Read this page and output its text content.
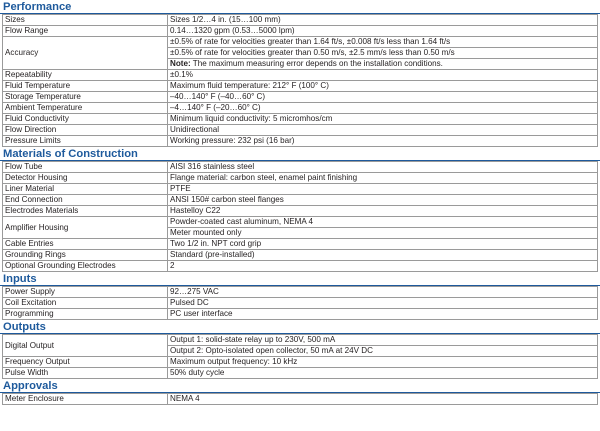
Performance
Sizes	Sizes 1/2…4 in. (15…100 mm)
Flow Range	0.14…1320 gpm (0.53…5000 lpm)
Accuracy	±0.5% of rate for velocities greater than 1.64 ft/s, ±0.008 ft/s less than 1.64 ft/s
	±0.5% of rate for velocities greater than 0.50 m/s, ±2.5 mm/s less than 0.50 m/s
	Note: The maximum measuring error depends on the installation conditions.
Repeatability	±0.1%
Fluid Temperature	Maximum fluid temperature: 212° F (100° C)
Storage Temperature	–40…140° F (–40…60° C)
Ambient Temperature	–4…140° F (–20…60° C)
Fluid Conductivity	Minimum liquid conductivity: 5 micromhos/cm
Flow Direction	Unidirectional
Pressure Limits	Working pressure: 232 psi (16 bar)
Materials of Construction
Flow Tube	AISI 316 stainless steel
Detector Housing	Flange material: carbon steel, enamel paint finishing
Liner Material	PTFE
End Connection	ANSI 150# carbon steel flanges
Electrodes Materials	Hastelloy C22
Amplifier Housing	Powder-coated cast aluminum, NEMA 4
	Meter mounted only
Cable Entries	Two 1/2 in. NPT cord grip
Grounding Rings	Standard (pre-installed)
Optional Grounding Electrodes	2
Inputs
Power Supply	92…275 VAC
Coil Excitation	Pulsed DC
Programming	PC user interface
Outputs
Digital Output	Output 1: solid-state relay up to 230V, 500 mA
	Output 2: Opto-isolated open collector, 50 mA at 24V DC
Frequency Output	Maximum output frequency: 10 kHz
Pulse Width	50% duty cycle
Approvals
Meter Enclosure	NEMA 4
